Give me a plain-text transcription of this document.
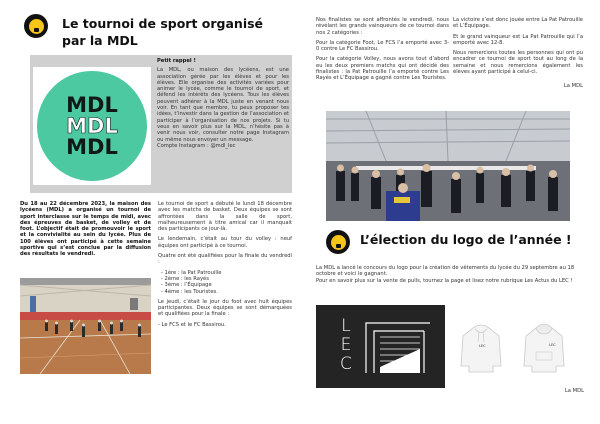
Le tournoi de sport organisé par la MDL
MDL
MDL
MDL

Petit rappel !

La MDL, ou maison des lycéens, est une association gérée par les élèves et pour les élèves. Elle organise des activités variées pour animer le lycée, comme le tournoi de sport, et défend les intérêts des lycéens. Tous les élèves peuvent adhérer à la MDL juste en venant nous voir. En tant que membre, tu peux proposer tes idées, t’investir dans la gestion de l’association et participer à l’organisation de nos projets. Si tu veux en savoir plus sur la MDL, n’hésite pas à venir nous voir, consulter notre page Instagram ou même nous envoyer un message.

Compte Instagram : @mdl_lec

Du 18 au 22 décembre 2023, la maison des lycéens (MDL) a organisé un tournoi de sport interclasse sur le temps de midi, avec des épreuves de basket, de volley et de foot. L’objectif était de promouvoir le sport et la convivialité au sein du lycée. Plus de 100 élèves ont participé à cette semaine sportive qui s’est conclue par la diffusion des résultats le vendredi.

Le tournoi de sport a débuté le lundi 18 décembre avec les matchs de basket. Deux équipes se sont affrontées dans la salle de sport, malheureusement à titre amical car il manquait des participants ce jour-là.

Le lendemain, c’était au tour du volley : neuf équipes ont participé à ce tournoi.

Quatre ont été qualifiées pour la finale du vendredi :

- 1ère : la Pat Patrouille
- 2ème : les Rayés
- 3ème : l’Équipage
- 4ème : les Touristes.

Le jeudi, c’était le jour du foot avec huit équipes participantes. Deux équipes se sont démarquées et qualifiées pour la finale :

- Le FCS et le FC Bassirou.

Nos finalistes se sont affrontés le vendredi, nous révélant les grands vainqueurs de ce tournoi dans nos 2 catégories :

Pour la catégorie Foot, Le FCS l’a emporté avec 3-0 contre Le FC Bassirou.

Pour la catégorie Volley, nous avons tout d’abord eu les deux premiers matchs qui ont décidé des finalistes : la Pat Patrouille l’a emporté contre Les Rayés et L’Équipage a gagné contre Les Touristes.

La victoire s’est donc jouée entre La Pat Patrouille et L’Équipage.

Et le grand vainqueur est La Pat Patrouille qui l’a emporté avec 12-8.

Nous remercions toutes les personnes qui ont pu encadrer ce tournoi de sport tout au long de la semaine et nous remercions également les élèves ayant participé à celui-ci.

La MDL

L’élection du logo de l’année !
La MDL a lancé le concours du logo pour la création de vêtements du lycée du 29 septembre au 18 octobre et voici le gagnant.
Pour en savoir plus sur la vente de pulls, tournez la page et lisez notre rubrique Les Actus du LEC !
L
E
C
LEC	LEC
La MDL
